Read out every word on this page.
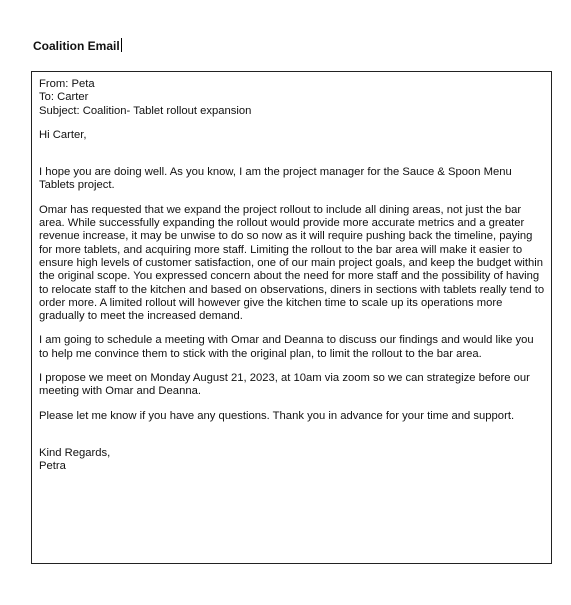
Coalition Email
From: Peta
To: Carter
Subject: Coalition- Tablet rollout expansion
Hi Carter,
I hope you are doing well. As you know, I am the project manager for the Sauce & Spoon Menu Tablets project.
Omar has requested that we expand the project rollout to include all dining areas, not just the bar area. While successfully expanding the rollout would provide more accurate metrics and a greater revenue increase, it may be unwise to do so now as it will require pushing back the timeline, paying for more tablets, and acquiring more staff. Limiting the rollout to the bar area will make it easier to ensure high levels of customer satisfaction, one of our main project goals, and keep the budget within the original scope. You expressed concern about the need for more staff and the possibility of having to relocate staff to the kitchen and based on observations, diners in sections with tablets really tend to order more. A limited rollout will however give the kitchen time to scale up its operations more gradually to meet the increased demand.
I am going to schedule a meeting with Omar and Deanna to discuss our findings and would like you to help me convince them to stick with the original plan, to limit the rollout to the bar area.
I propose we meet on Monday August 21, 2023, at 10am via zoom so we can strategize before our meeting with Omar and Deanna.
Please let me know if you have any questions. Thank you in advance for your time and support.
Kind Regards,
Petra
